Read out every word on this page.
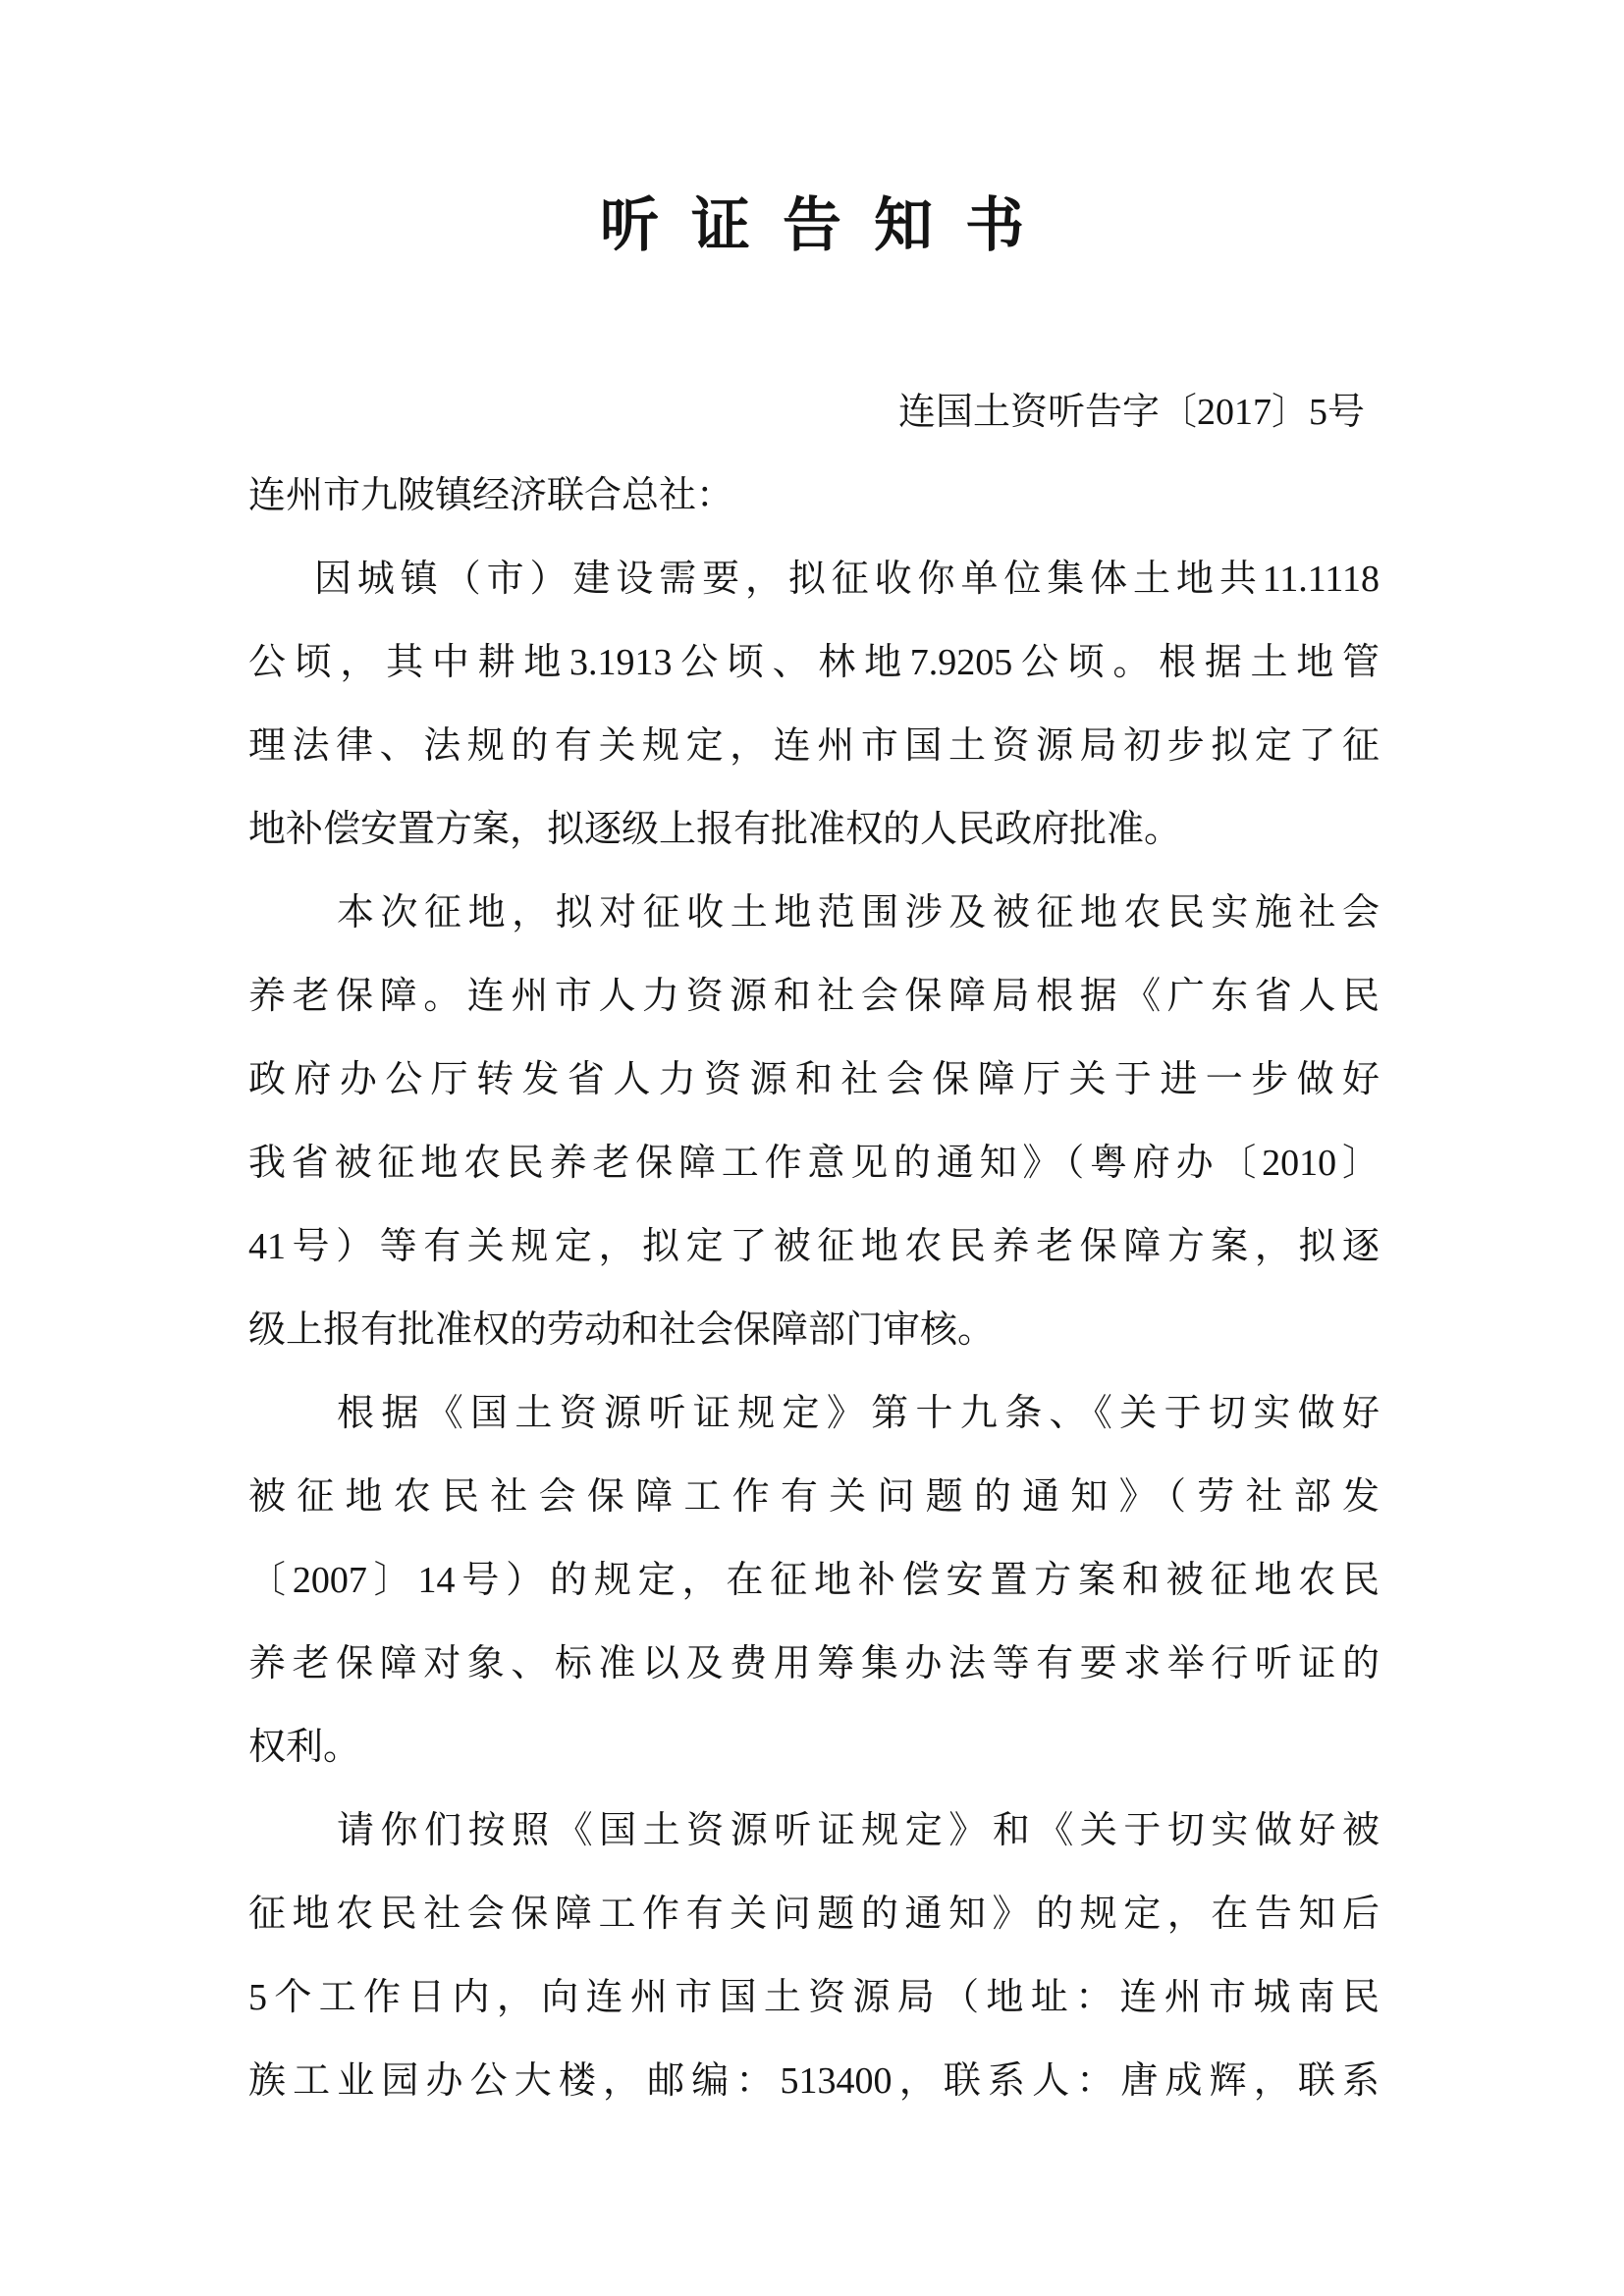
听证告知书
连国土资听告字〔2017〕5号
连州市九陂镇经济联合总社：
因城镇（市）建设需要，拟征收你单位集体土地共11.1118
公顷，其中耕地3.1913公顷、林地7.9205公顷。根据土地管
理法律、法规的有关规定，连州市国土资源局初步拟定了征
地补偿安置方案，拟逐级上报有批准权的人民政府批准。
本次征地，拟对征收土地范围涉及被征地农民实施社会
养老保障。连州市人力资源和社会保障局根据《广东省人民
政府办公厅转发省人力资源和社会保障厅关于进一步做好
我省被征地农民养老保障工作意见的通知》（粤府办〔2010〕
41号）等有关规定，拟定了被征地农民养老保障方案，拟逐
级上报有批准权的劳动和社会保障部门审核。
根据《国土资源听证规定》第十九条、《关于切实做好
被征地农民社会保障工作有关问题的通知》（劳社部发
〔2007〕14号）的规定，在征地补偿安置方案和被征地农民
养老保障对象、标准以及费用筹集办法等有要求举行听证的
权利。
请你们按照《国土资源听证规定》和《关于切实做好被
征地农民社会保障工作有关问题的通知》的规定，在告知后
5个工作日内，向连州市国土资源局（地址：连州市城南民
族工业园办公大楼，邮编：513400，联系人：唐成辉，联系
